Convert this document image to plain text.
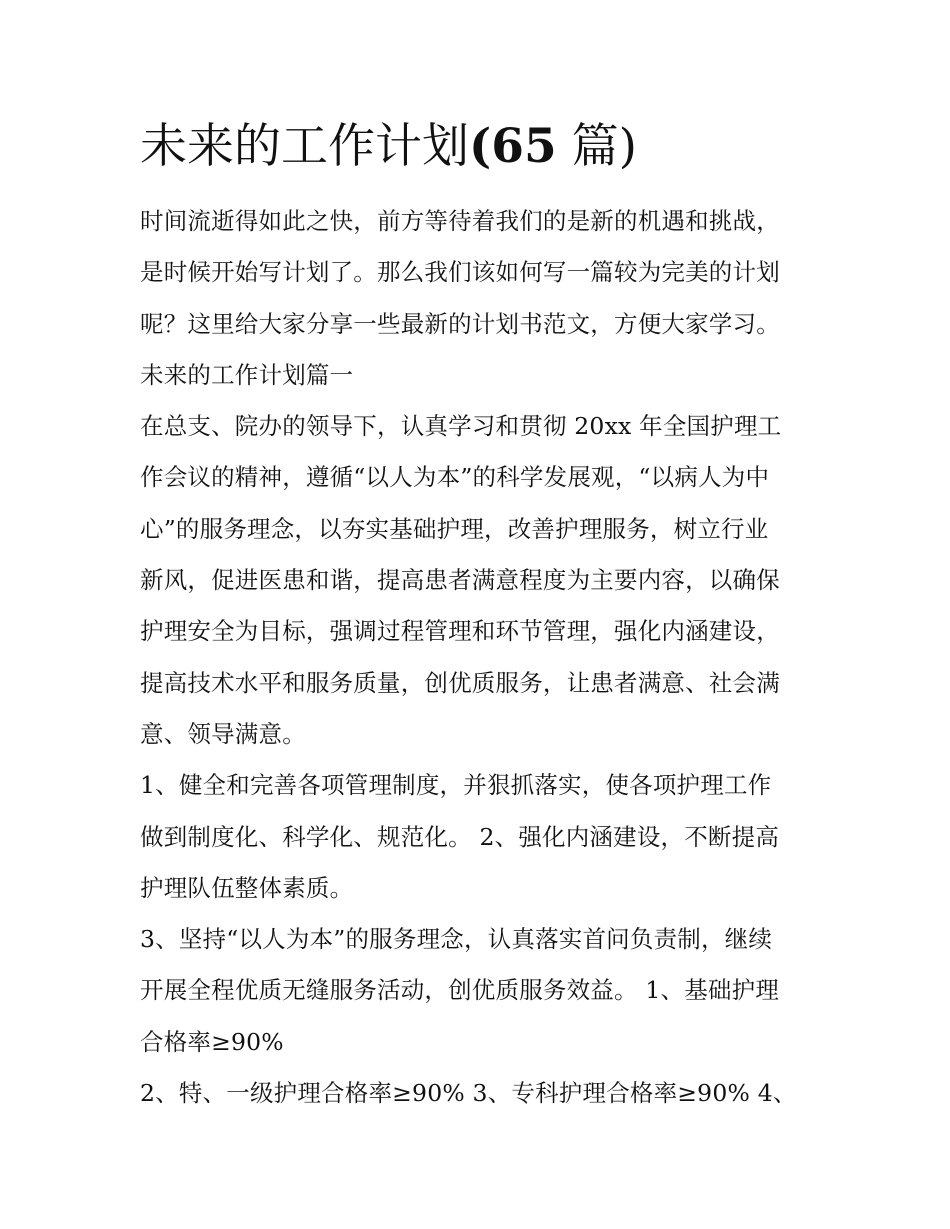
未来的工作计划(65 篇)
时间流逝得如此之快，前方等待着我们的是新的机遇和挑战，
是时候开始写计划了。那么我们该如何写一篇较为完美的计划
呢？这里给大家分享一些最新的计划书范文，方便大家学习。
未来的工作计划篇一
在总支、院办的领导下，认真学习和贯彻 20xx 年全国护理工
作会议的精神，遵循“以人为本”的科学发展观，“以病人为中
心”的服务理念，以夯实基础护理，改善护理服务，树立行业
新风，促进医患和谐，提高患者满意程度为主要内容，以确保
护理安全为目标，强调过程管理和环节管理，强化内涵建设，
提高技术水平和服务质量，创优质服务，让患者满意、社会满
意、领导满意。
1、健全和完善各项管理制度，并狠抓落实，使各项护理工作
做到制度化、科学化、规范化。 2、强化内涵建设，不断提高
护理队伍整体素质。
3、坚持“以人为本”的服务理念，认真落实首问负责制，继续
开展全程优质无缝服务活动，创优质服务效益。 1、基础护理
合格率≥90%
2、特、一级护理合格率≥90% 3、专科护理合格率≥90% 4、
